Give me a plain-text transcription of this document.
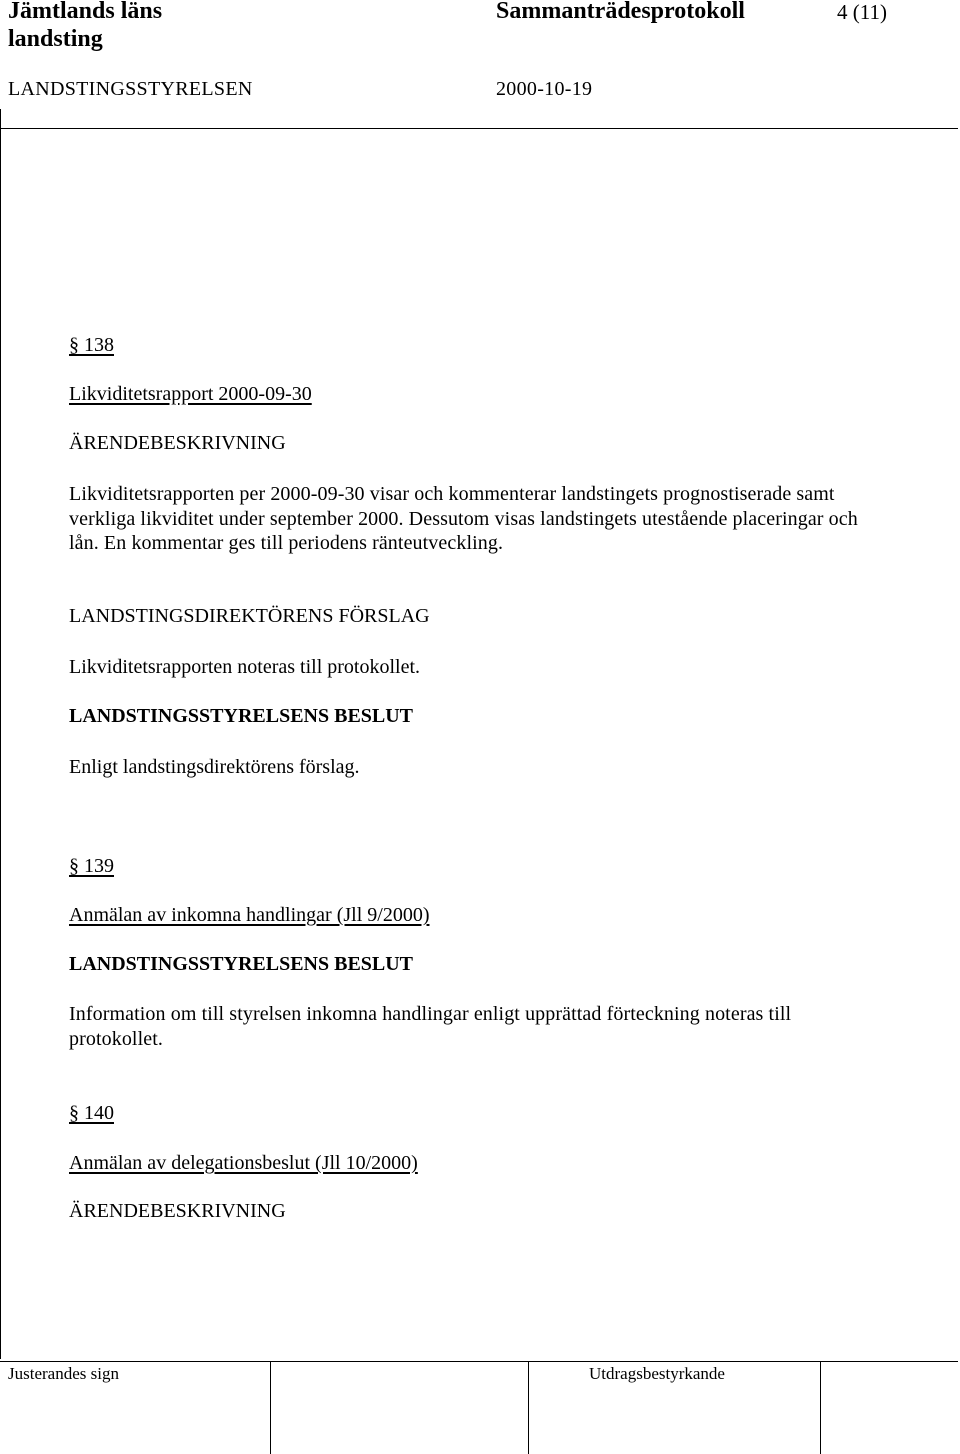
Jämtlands läns
landsting
Sammanträdesprotokoll	4 (11)
LANDSTINGSSTYRELSEN	2000-10-19
§ 138
Likviditetsrapport 2000-09-30
ÄRENDEBESKRIVNING
Likviditetsrapporten per 2000-09-30 visar och kommenterar landstingets prognostiserade samt verkliga likviditet under september 2000. Dessutom visas landstingets utestående placeringar och lån. En kommentar ges till periodens ränteutveckling.
LANDSTINGSDIREKTÖRENS FÖRSLAG
Likviditetsrapporten noteras till protokollet.
LANDSTINGSSTYRELSENS BESLUT
Enligt landstingsdirektörens förslag.
§ 139
Anmälan av inkomna handlingar (Jll 9/2000)
LANDSTINGSSTYRELSENS BESLUT
Information om till styrelsen inkomna handlingar enligt upprättad förteckning noteras till protokollet.
§ 140
Anmälan av delegationsbeslut (Jll 10/2000)
ÄRENDEBESKRIVNING
Justerandes sign	Utdragsbestyrkande
